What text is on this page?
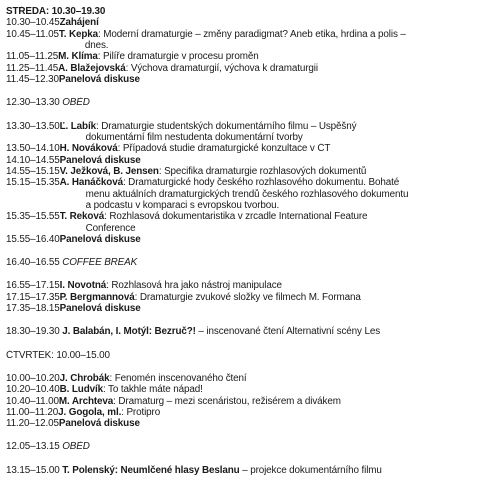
STŘEDA: 10.30–19.30
10.30–10.45 Zahájení
10.45–11.05 T. Kepka: Moderní dramaturgie – změny paradigmat? Aneb etika, hrdina a polis –
dnes.
11.05–11.25 M. Klíma: Pilíře dramaturgie v procesu proměn
11.25–11.45 A. Blažejovská: Výchova dramaturgií, výchova k dramaturgii
11.45–12.30 Panelová diskuse
12.30–13.30 OBĚD
13.30–13.50 Ľ. Labík: Dramaturgie studentských dokumentárního filmu – Úspěšný
dokumentární film nestudenta dokumentární tvorby
13.50–14.10 H. Nováková: Případová studie dramaturgické konzultace v ČT
14.10–14.55 Panelová diskuse
14.55–15.15 V. Ježková, B. Jensen: Specifika dramaturgie rozhlasových dokumentů
15.15–15.35 A. Hanáčková: Dramaturgické hody českého rozhlasového dokumentu. Bohaté
menu aktuálních dramaturgických trendů českého rozhlasového dokumentu
a podcastu v komparaci s evropskou tvorbou.
15.35–15.55 T. Reková: Rozhlasová dokumentaristika v zrcadle International Feature
Conference
15.55–16.40 Panelová diskuse
16.40–16.55 COFFEE BREAK
16.55–17.15 I. Novotná: Rozhlasová hra jako nástroj manipulace
17.15–17.35 P. Bergmannová: Dramaturgie zvukové složky ve filmech M. Formana
17.35–18.15 Panelová diskuse
18.30–19.30 J. Balabán, I. Motýl: Bezruč?! – inscenované čtení Alternativní scény Les
ČTVRTEK: 10.00–15.00
10.00–10.20 J. Chrobák: Fenomén inscenovaného čtení
10.20–10.40 B. Ludvík: To takhle máte nápad!
10.40–11.00 M. Archteva: Dramaturg – mezi scenáristou, režisérem a divákem
11.00–11.20 J. Gogola, ml.: Protipro
11.20–12.05 Panelová diskuse
12.05–13.15 OBĚD
13.15–15.00 T. Polenský: Neumlčené hlasy Beslanu – projekce dokumentárního filmu
